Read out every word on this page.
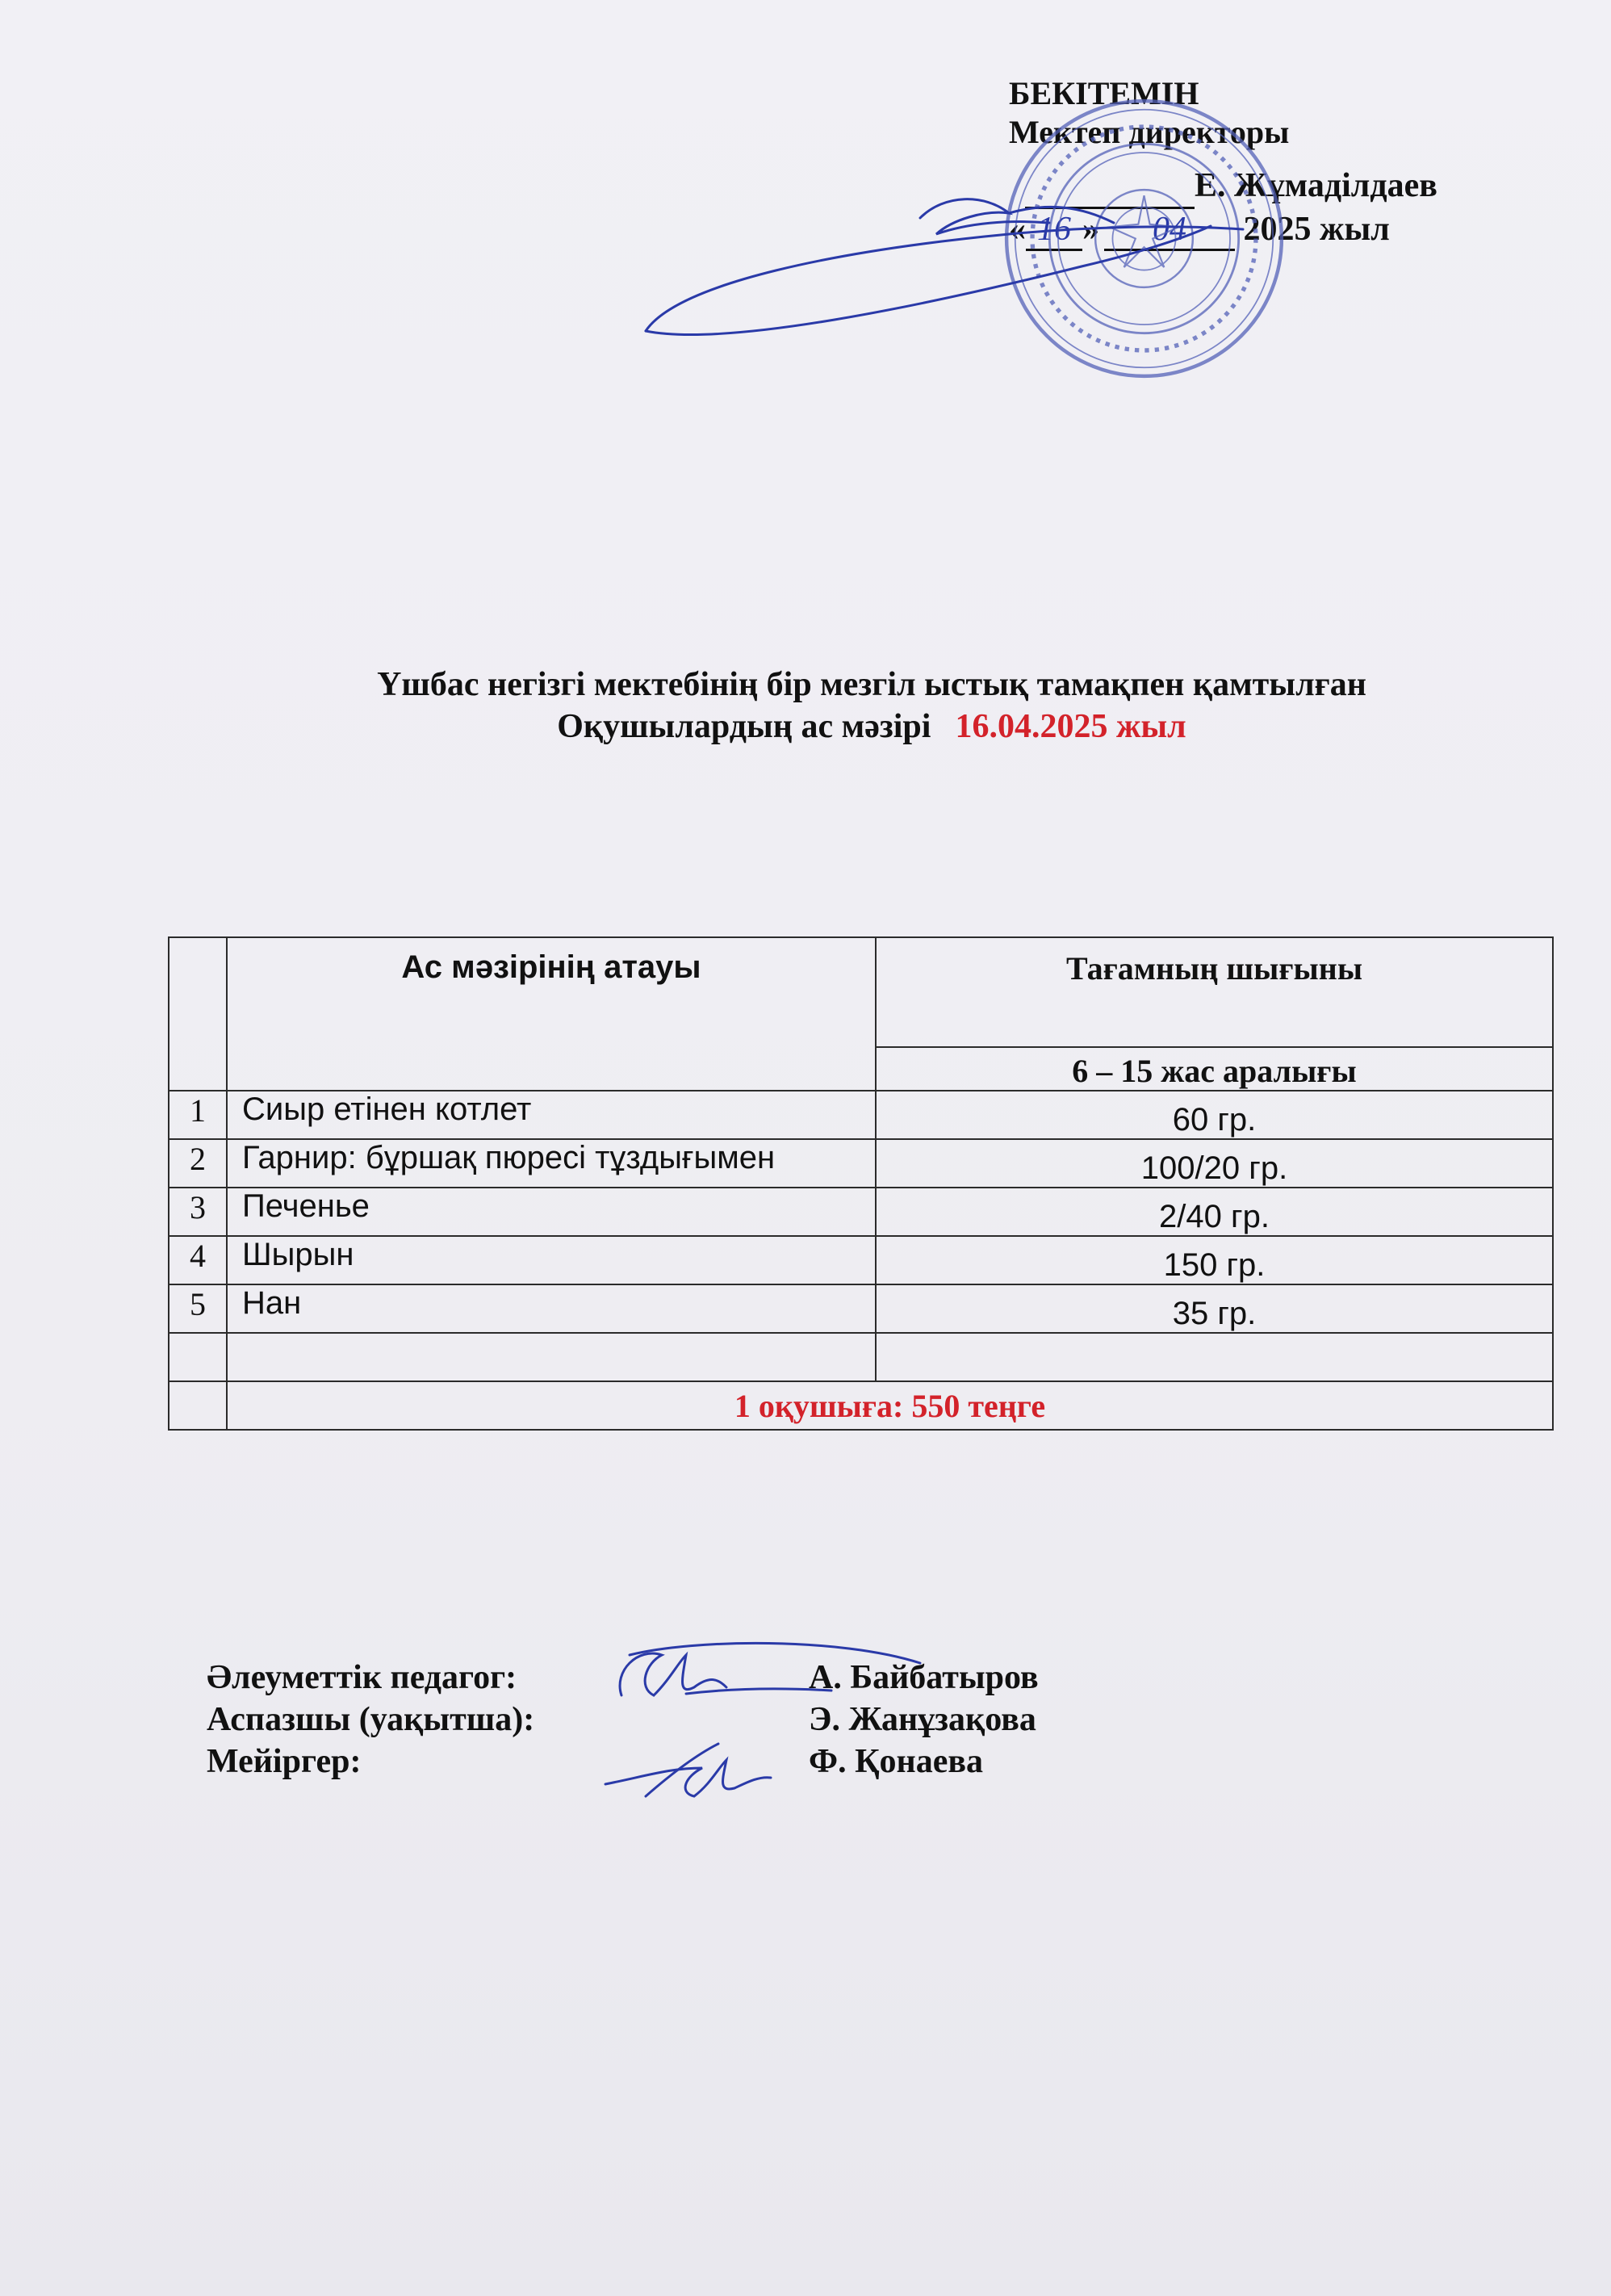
БЕКІТЕМІН
Мектеп директоры
Е. Жұмаділдаев
« 16 » 04 2025 жыл
Үшбас негізгі мектебінің бір мезгіл ыстық тамақпен қамтылған
Оқушылардың ас мәзірі 16.04.2025 жыл
	Ас мәзірінің атауы	Тағамның шығыны
		6 – 15 жас аралығы
1	Сиыр етінен котлет	60 гр.
2	Гарнир: бұршақ пюресі тұздығымен	100/20 гр.
3	Печенье	2/40 гр.
4	Шырын	150 гр.
5	Нан	35 гр.

	1 оқушыға: 550 теңге	
Әлеуметтік педагог:	А. Байбатыров
Аспазшы (уақытша):	Э. Жанұзақова
Мейіргер:	Ф. Қонаева
